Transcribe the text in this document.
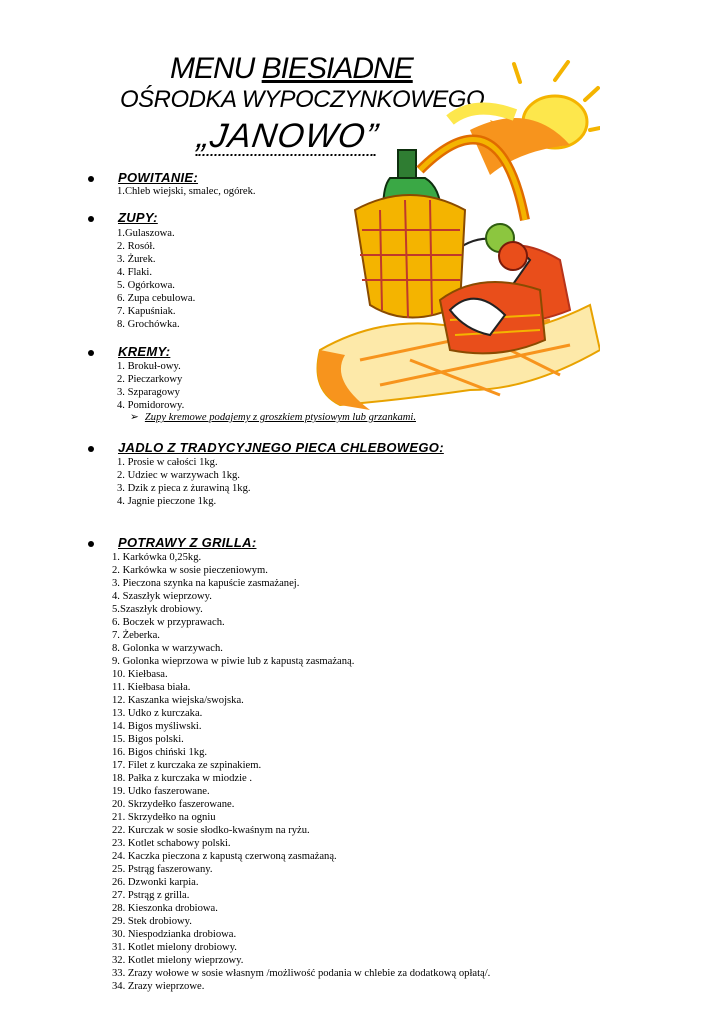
MENU BIESIADNE
OŚRODKA WYPOCZYNKOWEGO
„JANOWO”
POWITANIE:
1.Chleb wiejski, smalec, ogórek.
ZUPY:
1.Gulaszowa.
2. Rosół.
3. Żurek.
4. Flaki.
5. Ogórkowa.
6. Zupa cebulowa.
7. Kapuśniak.
8. Grochówka.
KREMY:
1. Brokuł-owy.
2. Pieczarkowy
3. Szparagowy
4. Pomidorowy.
➢ Zupy kremowe podajemy z groszkiem ptysiowym lub grzankami.
JADLO Z TRADYCYJNEGO PIECA CHLEBOWEGO:
1. Prosie w całości 1kg.
2. Udziec w warzywach 1kg.
3. Dzik z pieca z żurawiną 1kg.
4. Jagnie pieczone 1kg.
POTRAWY Z GRILLA:
1. Karkówka 0,25kg.
2. Karkówka w sosie pieczeniowym.
3. Pieczona szynka na kapuście zasmażanej.
4. Szaszłyk wieprzowy.
5.Szaszłyk drobiowy.
6. Boczek w przyprawach.
7. Żeberka.
8. Golonka w warzywach.
9. Golonka wieprzowa w piwie lub z kapustą zasmażaną.
10. Kiełbasa.
11. Kiełbasa biała.
12. Kaszanka wiejska/swojska.
13. Udko z kurczaka.
14. Bigos myśliwski.
15. Bigos polski.
16. Bigos chiński 1kg.
17. Filet z kurczaka ze szpinakiem.
18. Pałka z kurczaka w miodzie .
19. Udko faszerowane.
20. Skrzydełko faszerowane.
21. Skrzydełko na ogniu
22. Kurczak w sosie słodko-kwaśnym na ryżu.
23. Kotlet schabowy polski.
24. Kaczka pieczona z kapustą czerwoną zasmażaną.
25. Pstrąg faszerowany.
26. Dzwonki karpia.
27. Pstrąg z grilla.
28. Kieszonka drobiowa.
29. Stek drobiowy.
30. Niespodzianka drobiowa.
31. Kotlet mielony drobiowy.
32. Kotlet mielony wieprzowy.
33. Zrazy wołowe w sosie własnym /możliwość podania w chlebie za dodatkową opłatą/.
34. Zrazy wieprzowe.
